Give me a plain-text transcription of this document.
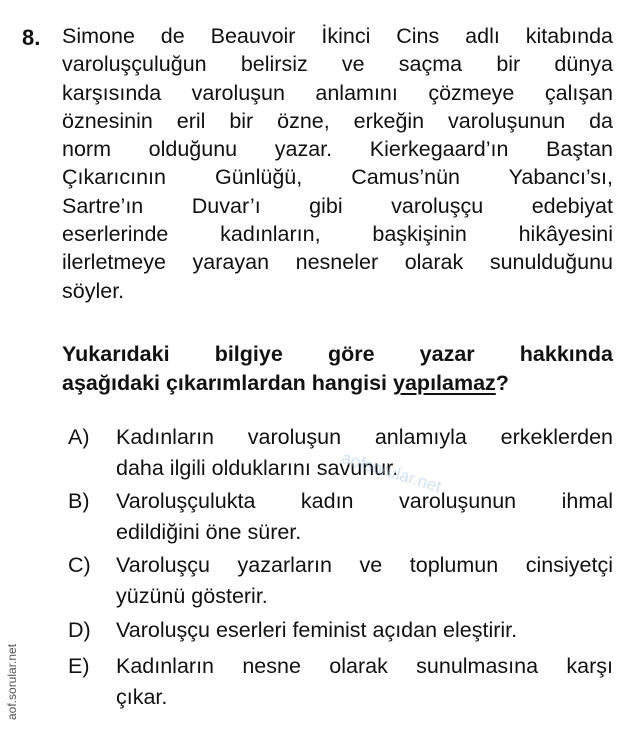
8. Simone de Beauvoir İkinci Cins adlı kitabında
varoluşçuluğun belirsiz ve saçma bir dünya
karşısında varoluşun anlamını çözmeye çalışan
öznesinin eril bir özne, erkeğin varoluşunun da
norm olduğunu yazar. Kierkegaard’ın Baştan
Çıkarıcının Günlüğü, Camus’nün Yabancı’sı,
Sartre’ın Duvar’ı gibi varoluşçu edebiyat
eserlerinde kadınların, başkişinin hikâyesini
ilerletmeye yarayan nesneler olarak sunulduğunu
söyler.
Yukarıdaki bilgiye göre yazar hakkında
aşağıdaki çıkarımlardan hangisi yapılamaz?
A)	Kadınların varoluşun anlamıyla erkeklerden
daha ilgili olduklarını savunur.
B)	Varoluşçulukta kadın varoluşunun ihmal
edildiğini öne sürer.
C)	Varoluşçu yazarların ve toplumun cinsiyetçi
yüzünü gösterir.
D)	Varoluşçu eserleri feminist açıdan eleştirir.
E)	Kadınların nesne olarak sunulmasına karşı
çıkar.
aof.sorular.net
aofsorular.net
